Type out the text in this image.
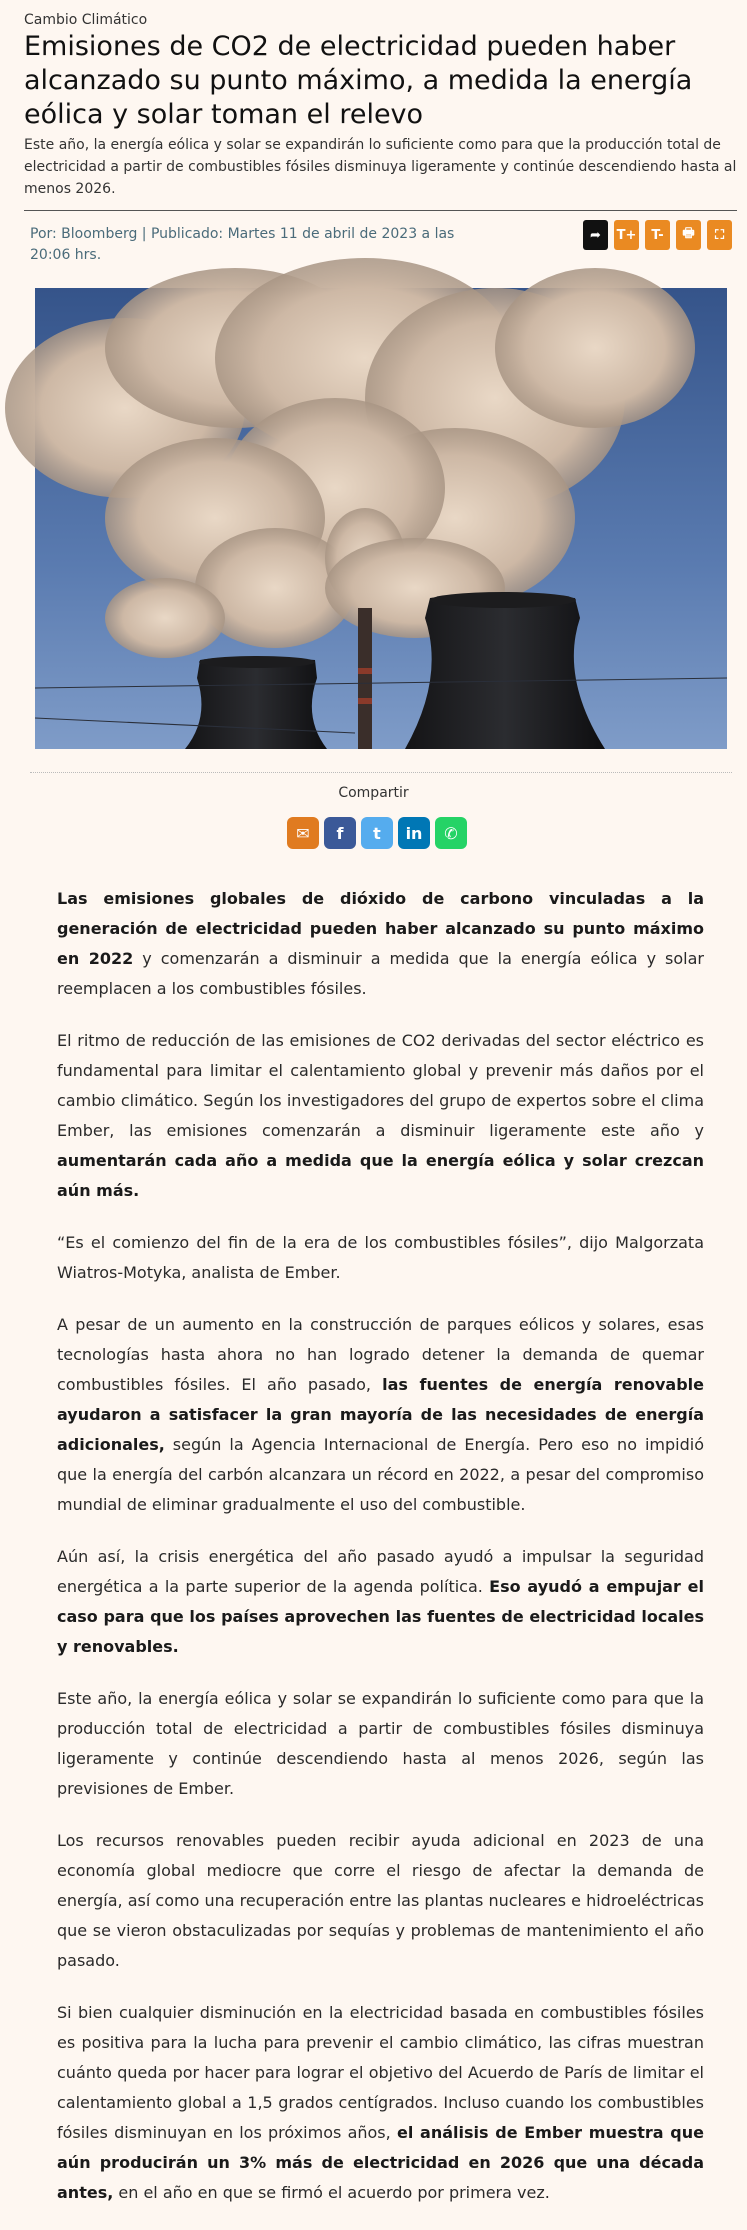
Cambio Climático
Emisiones de CO2 de electricidad pueden haber alcanzado su punto máximo, a medida la energía eólica y solar toman el relevo

Este año, la energía eólica y solar se expandirán lo suficiente como para que la producción total de electricidad a partir de combustibles fósiles disminuya ligeramente y continúe descendiendo hasta al menos 2026.

Por: Bloomberg | Publicado: Martes 11 de abril de 2023 a las 20:06 hrs.
➦	T+	T-	🖶	⛶
Compartir
✉	f	t	in	✆

Las emisiones globales de dióxido de carbono vinculadas a la generación de electricidad pueden haber alcanzado su punto máximo en 2022 y comenzarán a disminuir a medida que la energía eólica y solar reemplacen a los combustibles fósiles.

El ritmo de reducción de las emisiones de CO2 derivadas del sector eléctrico es fundamental para limitar el calentamiento global y prevenir más daños por el cambio climático. Según los investigadores del grupo de expertos sobre el clima Ember, las emisiones comenzarán a disminuir ligeramente este año y aumentarán cada año a medida que la energía eólica y solar crezcan aún más.

“Es el comienzo del fin de la era de los combustibles fósiles”, dijo Malgorzata Wiatros-Motyka, analista de Ember.

A pesar de un aumento en la construcción de parques eólicos y solares, esas tecnologías hasta ahora no han logrado detener la demanda de quemar combustibles fósiles. El año pasado, las fuentes de energía renovable ayudaron a satisfacer la gran mayoría de las necesidades de energía adicionales, según la Agencia Internacional de Energía. Pero eso no impidió que la energía del carbón alcanzara un récord en 2022, a pesar del compromiso mundial de eliminar gradualmente el uso del combustible.

Aún así, la crisis energética del año pasado ayudó a impulsar la seguridad energética a la parte superior de la agenda política. Eso ayudó a empujar el caso para que los países aprovechen las fuentes de electricidad locales y renovables.

Este año, la energía eólica y solar se expandirán lo suficiente como para que la producción total de electricidad a partir de combustibles fósiles disminuya ligeramente y continúe descendiendo hasta al menos 2026, según las previsiones de Ember.

Los recursos renovables pueden recibir ayuda adicional en 2023 de una economía global mediocre que corre el riesgo de afectar la demanda de energía, así como una recuperación entre las plantas nucleares e hidroeléctricas que se vieron obstaculizadas por sequías y problemas de mantenimiento el año pasado.

Si bien cualquier disminución en la electricidad basada en combustibles fósiles es positiva para la lucha para prevenir el cambio climático, las cifras muestran cuánto queda por hacer para lograr el objetivo del Acuerdo de París de limitar el calentamiento global a 1,5 grados centígrados. Incluso cuando los combustibles fósiles disminuyan en los próximos años, el análisis de Ember muestra que aún producirán un 3% más de electricidad en 2026 que una década antes, en el año en que se firmó el acuerdo por primera vez.
